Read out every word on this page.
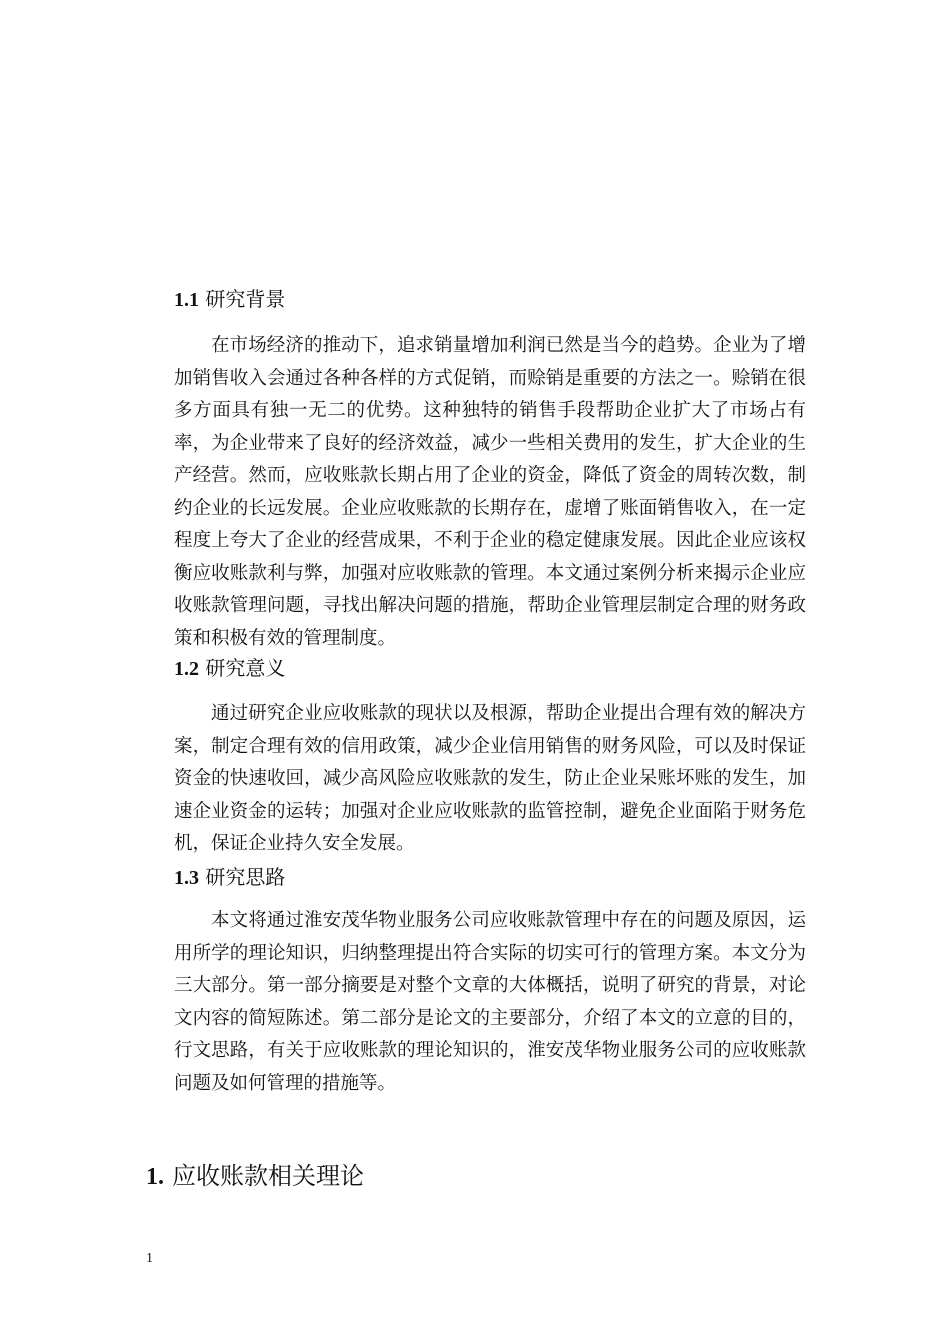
1.1 研究背景

在市场经济的推动下，追求销量增加利润已然是当今的趋势。企业为了增加销售收入会通过各种各样的方式促销，而赊销是重要的方法之一。赊销在很多方面具有独一无二的优势。这种独特的销售手段帮助企业扩大了市场占有率，为企业带来了良好的经济效益，减少一些相关费用的发生，扩大企业的生产经营。然而，应收账款长期占用了企业的资金，降低了资金的周转次数，制约企业的长远发展。企业应收账款的长期存在，虚增了账面销售收入，在一定程度上夸大了企业的经营成果，不利于企业的稳定健康发展。因此企业应该权衡应收账款利与弊，加强对应收账款的管理。本文通过案例分析来揭示企业应收账款管理问题，寻找出解决问题的措施，帮助企业管理层制定合理的财务政策和积极有效的管理制度。

1.2 研究意义

通过研究企业应收账款的现状以及根源，帮助企业提出合理有效的解决方案，制定合理有效的信用政策，减少企业信用销售的财务风险，可以及时保证资金的快速收回，减少高风险应收账款的发生，防止企业呆账坏账的发生，加速企业资金的运转；加强对企业应收账款的监管控制，避免企业面陷于财务危机，保证企业持久安全发展。

1.3 研究思路

本文将通过淮安茂华物业服务公司应收账款管理中存在的问题及原因，运用所学的理论知识，归纳整理提出符合实际的切实可行的管理方案。本文分为三大部分。第一部分摘要是对整个文章的大体概括，说明了研究的背景，对论文内容的简短陈述。第二部分是论文的主要部分，介绍了本文的立意的目的，行文思路，有关于应收账款的理论知识的，淮安茂华物业服务公司的应收账款问题及如何管理的措施等。

1. 应收账款相关理论
1
